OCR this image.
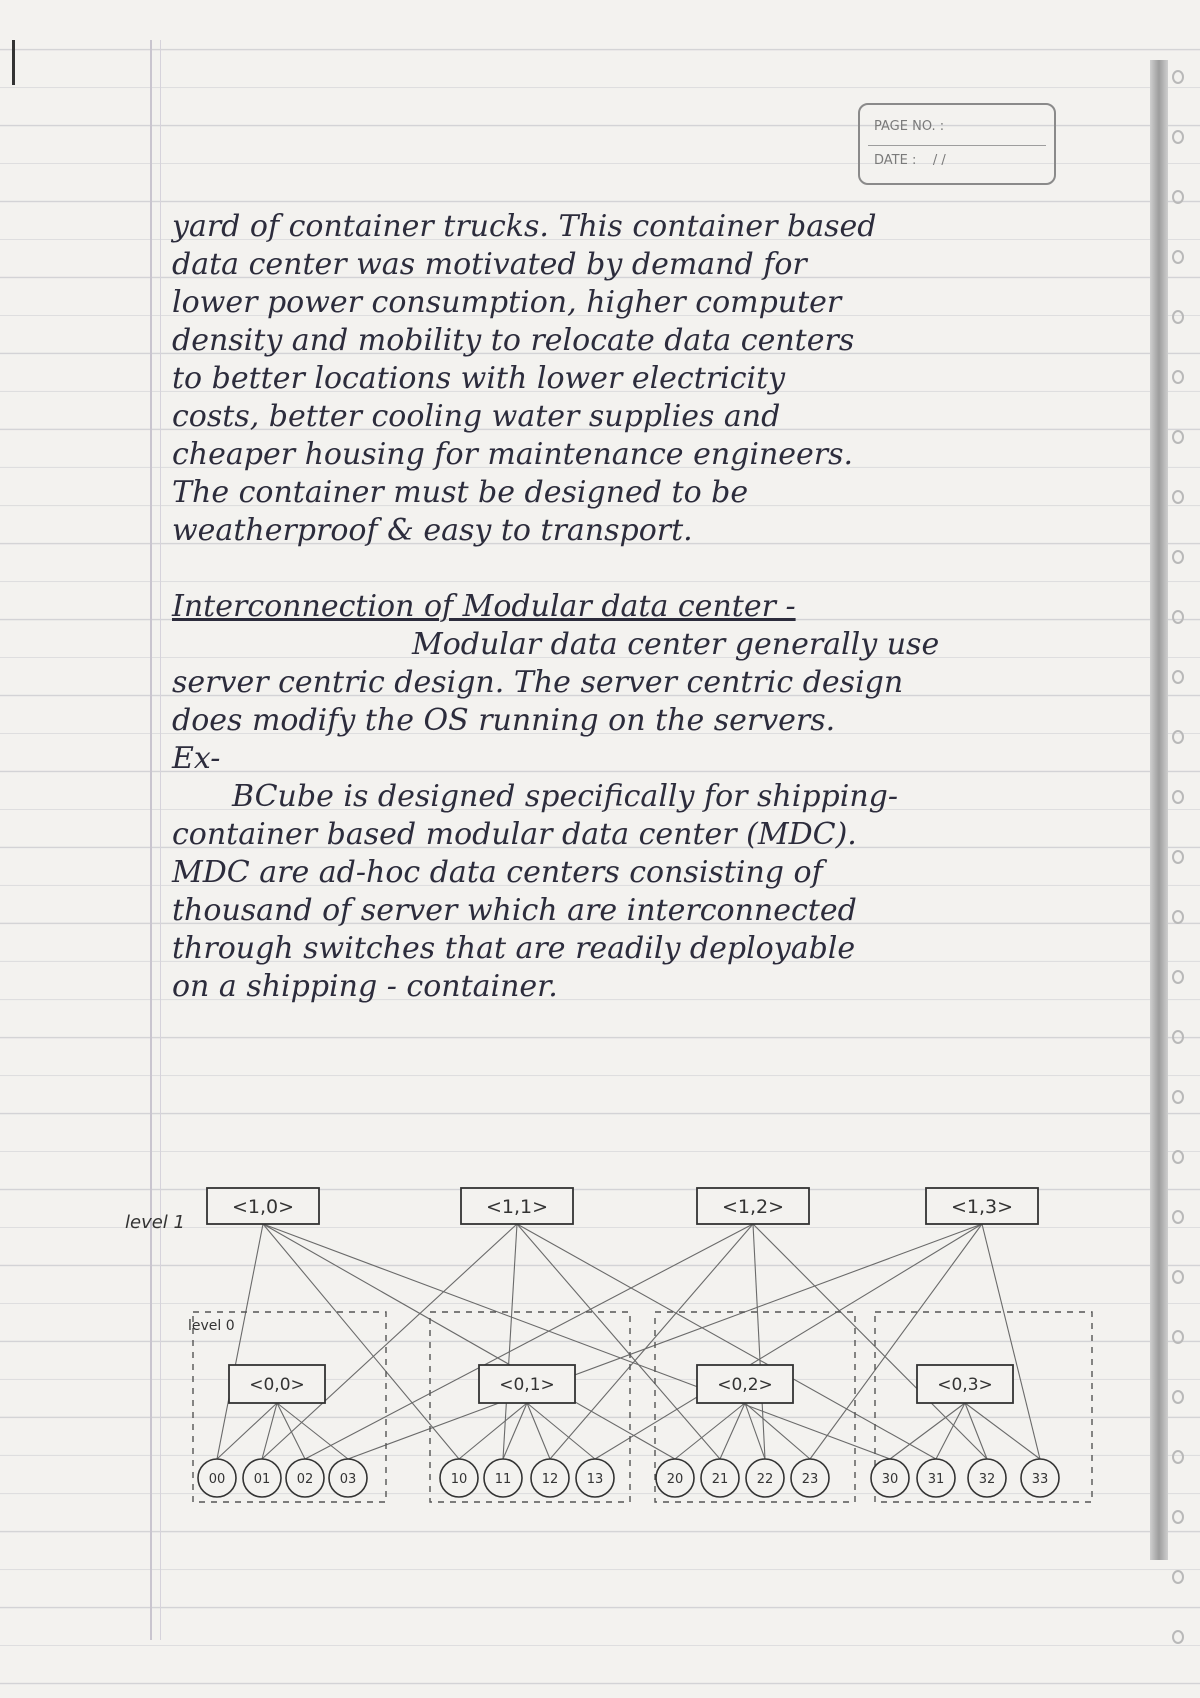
PAGE NO. :
DATE : / /
yard of container trucks. This container based
data center was motivated by demand for
lower power consumption, higher computer
density and mobility to relocate data centers
to better locations with lower electricity
costs, better cooling water supplies and
cheaper housing for maintenance engineers.
The container must be designed to be
weatherproof & easy to transport.
Interconnection of Modular data center -
Modular data center generally use
server centric design. The server centric design
does modify the OS running on the servers.
Ex-
BCube is designed specifically for shipping-
container based modular data center (MDC).
MDC are ad-hoc data centers consisting of
thousand of server which are interconnected
through switches that are readily deployable
on a shipping - container.
level 1
level 0
<1,0>	<1,1>	<1,2>	<1,3>
<0,0>	<0,1>	<0,2>	<0,3>
00 01 02 03	10 11 12 13	20 21 22 23	30 31	32	33
